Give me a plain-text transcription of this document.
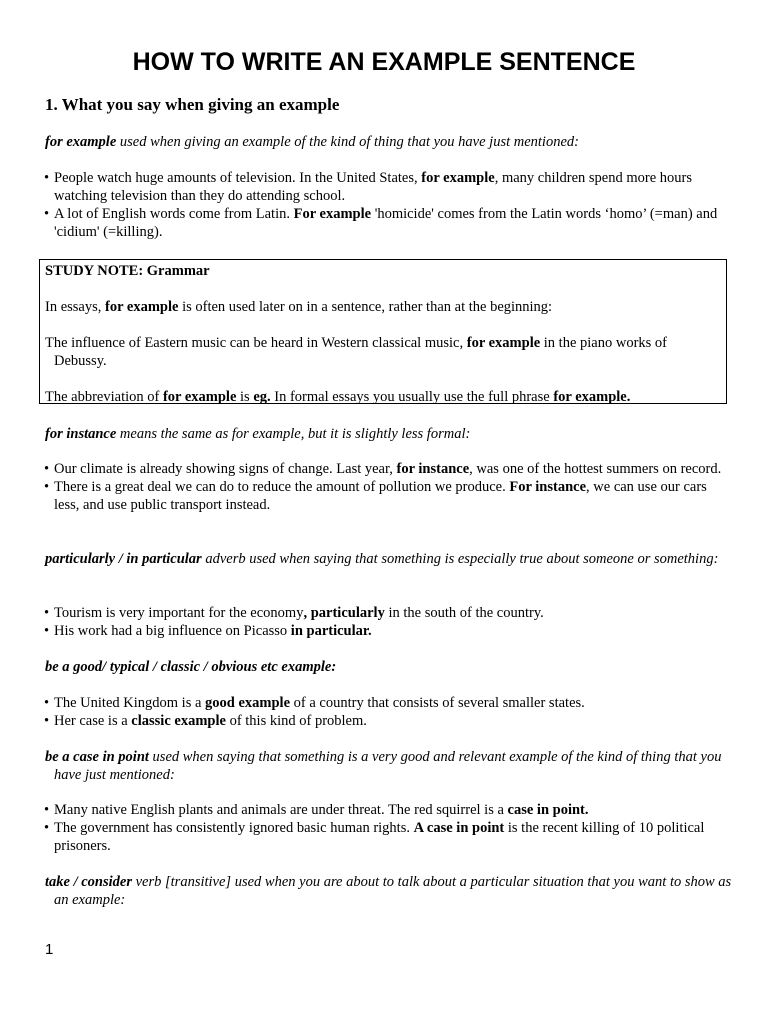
HOW TO WRITE AN EXAMPLE SENTENCE
1. What you say when giving an example

for example used when giving an example of the kind of thing that you have just mentioned:

• People watch huge amounts of television. In the United States, for example, many children spend more hours watching television than they do attending school.
• A lot of English words come from Latin. For example 'homicide' comes from the Latin words ‘homo’ (=man) and 'cidium' (=killing).

STUDY NOTE: Grammar

In essays, for example is often used later on in a sentence, rather than at the beginning:

The influence of Eastern music can be heard in Western classical music, for example in the piano works of Debussy.

The abbreviation of for example is eg. In formal essays you usually use the full phrase for example.

for instance means the same as for example, but it is slightly less formal:

• Our climate is already showing signs of change. Last year, for instance, was one of the hottest summers on record.
• There is a great deal we can do to reduce the amount of pollution we produce. For instance, we can use our cars less, and use public transport instead.

particularly / in particular adverb used when saying that something is especially true about someone or something:

• Tourism is very important for the economy, particularly in the south of the country.
• His work had a big influence on Picasso in particular.

be a good/ typical / classic / obvious etc example:

• The United Kingdom is a good example of a country that consists of several smaller states.
• Her case is a classic example of this kind of problem.

be a case in point used when saying that something is a very good and relevant example of the kind of thing that you have just mentioned:

• Many native English plants and animals are under threat. The red squirrel is a case in point.
• The government has consistently ignored basic human rights. A case in point is the recent killing of 10 political prisoners.

take / consider verb [transitive] used when you are about to talk about a particular situation that you want to show as an example:

1
